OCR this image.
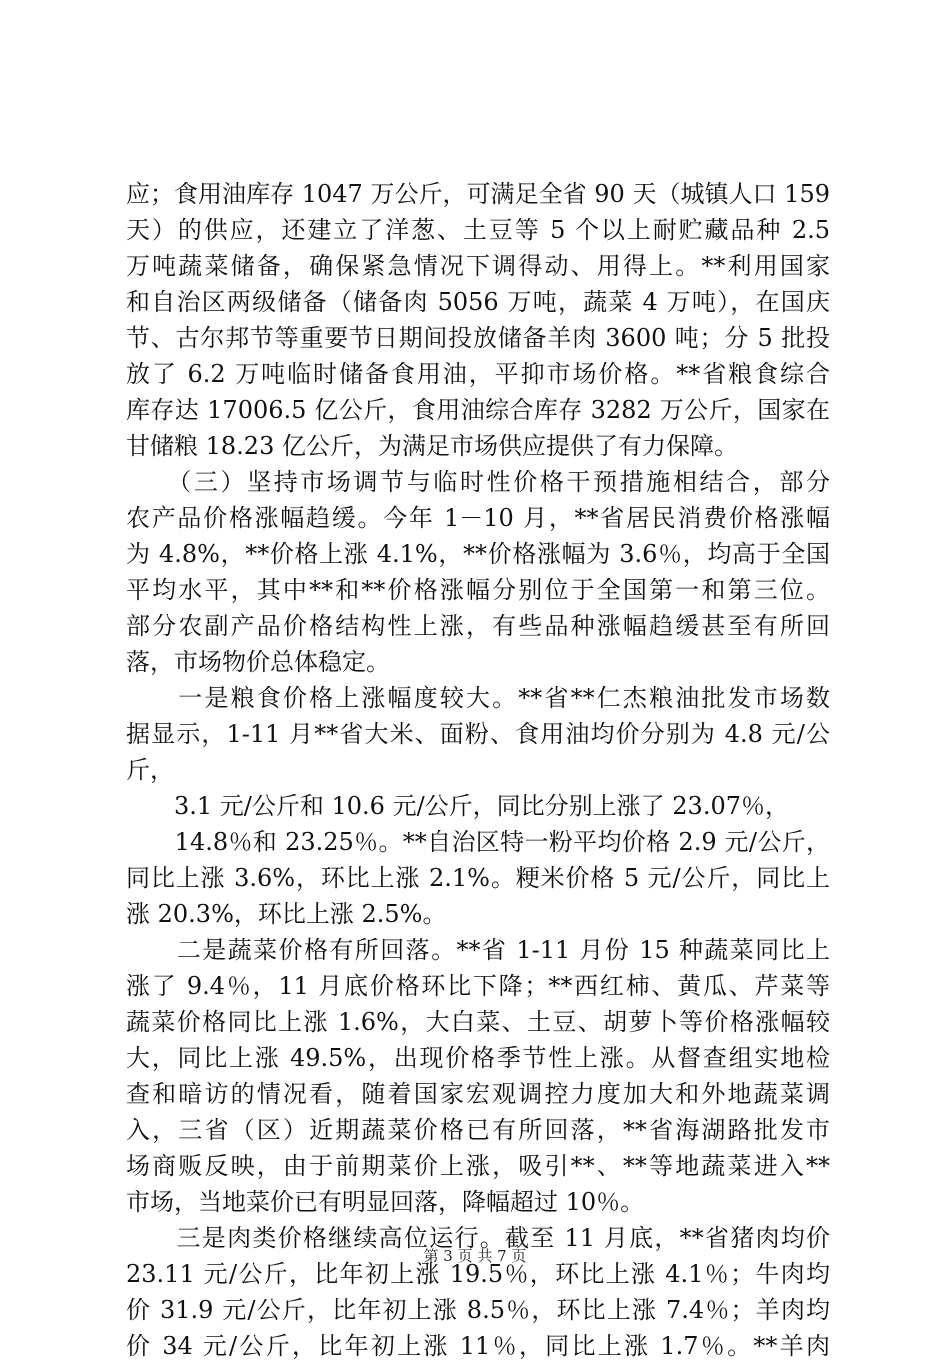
应；食用油库存 1047 万公斤，可满足全省 90 天（城镇人口 159
天）的供应，还建立了洋葱、土豆等 5 个以上耐贮藏品种 2.5
万吨蔬菜储备，确保紧急情况下调得动、用得上。**利用国家
和自治区两级储备（储备肉 5056 万吨，蔬菜 4 万吨），在国庆
节、古尔邦节等重要节日期间投放储备羊肉 3600 吨；分 5 批投
放了 6.2 万吨临时储备食用油，平抑市场价格。**省粮食综合
库存达 17006.5 亿公斤，食用油综合库存 3282 万公斤，国家在
甘储粮 18.23 亿公斤，为满足市场供应提供了有力保障。
　　（三）坚持市场调节与临时性价格干预措施相结合，部分
农产品价格涨幅趋缓。今年 1－10 月，**省居民消费价格涨幅
为 4.8%，**价格上涨 4.1%，**价格涨幅为 3.6％，均高于全国
平均水平，其中**和**价格涨幅分别位于全国第一和第三位。
部分农副产品价格结构性上涨，有些品种涨幅趋缓甚至有所回
落，市场物价总体稳定。
　　一是粮食价格上涨幅度较大。**省**仁杰粮油批发市场数
据显示，1-11 月**省大米、面粉、食用油均价分别为 4.8 元/公
斤，
　　3.1 元/公斤和 10.6 元/公斤，同比分别上涨了 23.07％，
　　14.8％和 23.25％。**自治区特一粉平均价格 2.9 元/公斤，
同比上涨 3.6%，环比上涨 2.1%。粳米价格 5 元/公斤，同比上
涨 20.3%，环比上涨 2.5%。
　　二是蔬菜价格有所回落。**省 1-11 月份 15 种蔬菜同比上
涨了 9.4％，11 月底价格环比下降；**西红柿、黄瓜、芹菜等
蔬菜价格同比上涨 1.6%，大白菜、土豆、胡萝卜等价格涨幅较
大，同比上涨 49.5%，出现价格季节性上涨。从督查组实地检
查和暗访的情况看，随着国家宏观调控力度加大和外地蔬菜调
入，三省（区）近期蔬菜价格已有所回落，**省海湖路批发市
场商贩反映，由于前期菜价上涨，吸引**、**等地蔬菜进入**
市场，当地菜价已有明显回落，降幅超过 10％。
　　三是肉类价格继续高位运行。截至 11 月底，**省猪肉均价
23.11 元/公斤，比年初上涨 19.5％，环比上涨 4.1％；牛肉均
价 31.9 元/公斤，比年初上涨 8.5％，环比上涨 7.4％；羊肉均
价 34 元/公斤，比年初上涨 11％，同比上涨 1.7％。**羊肉
第 3 页 共 7 页
